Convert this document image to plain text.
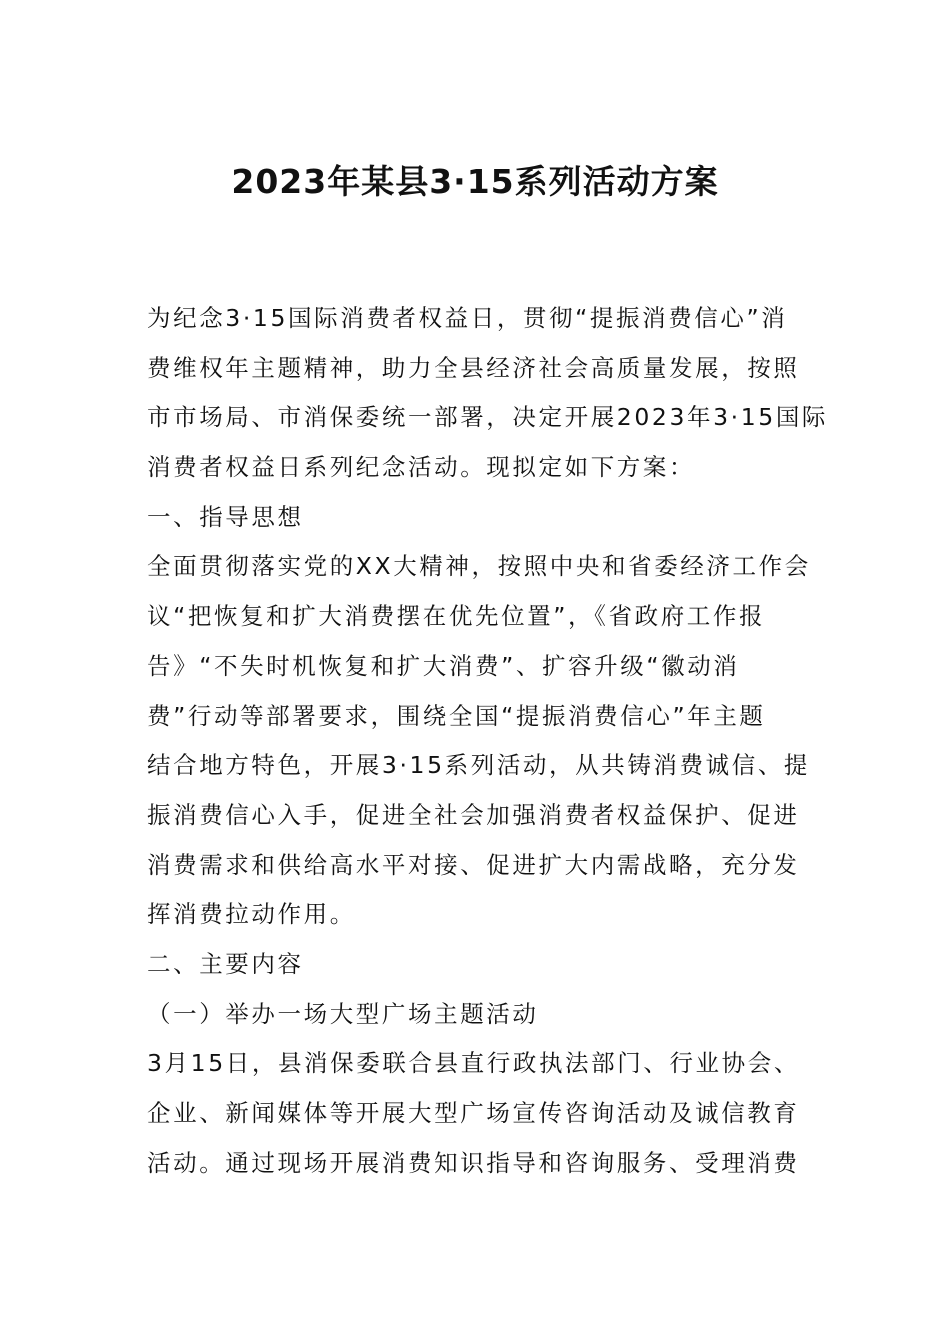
2023年某县3·15系列活动方案
为纪念3·15国际消费者权益日，贯彻“提振消费信心”消
费维权年主题精神，助力全县经济社会高质量发展，按照
市市场局、市消保委统一部署，决定开展2023年3·15国际
消费者权益日系列纪念活动。现拟定如下方案：
一、指导思想
全面贯彻落实党的XX大精神，按照中央和省委经济工作会
议“把恢复和扩大消费摆在优先位置”，《省政府工作报
告》“不失时机恢复和扩大消费”、扩容升级“徽动消
费”行动等部署要求，围绕全国“提振消费信心”年主题
结合地方特色，开展3·15系列活动，从共铸消费诚信、提
振消费信心入手，促进全社会加强消费者权益保护、促进
消费需求和供给高水平对接、促进扩大内需战略，充分发
挥消费拉动作用。
二、主要内容
（一）举办一场大型广场主题活动
3月15日，县消保委联合县直行政执法部门、行业协会、
企业、新闻媒体等开展大型广场宣传咨询活动及诚信教育
活动。通过现场开展消费知识指导和咨询服务、受理消费
